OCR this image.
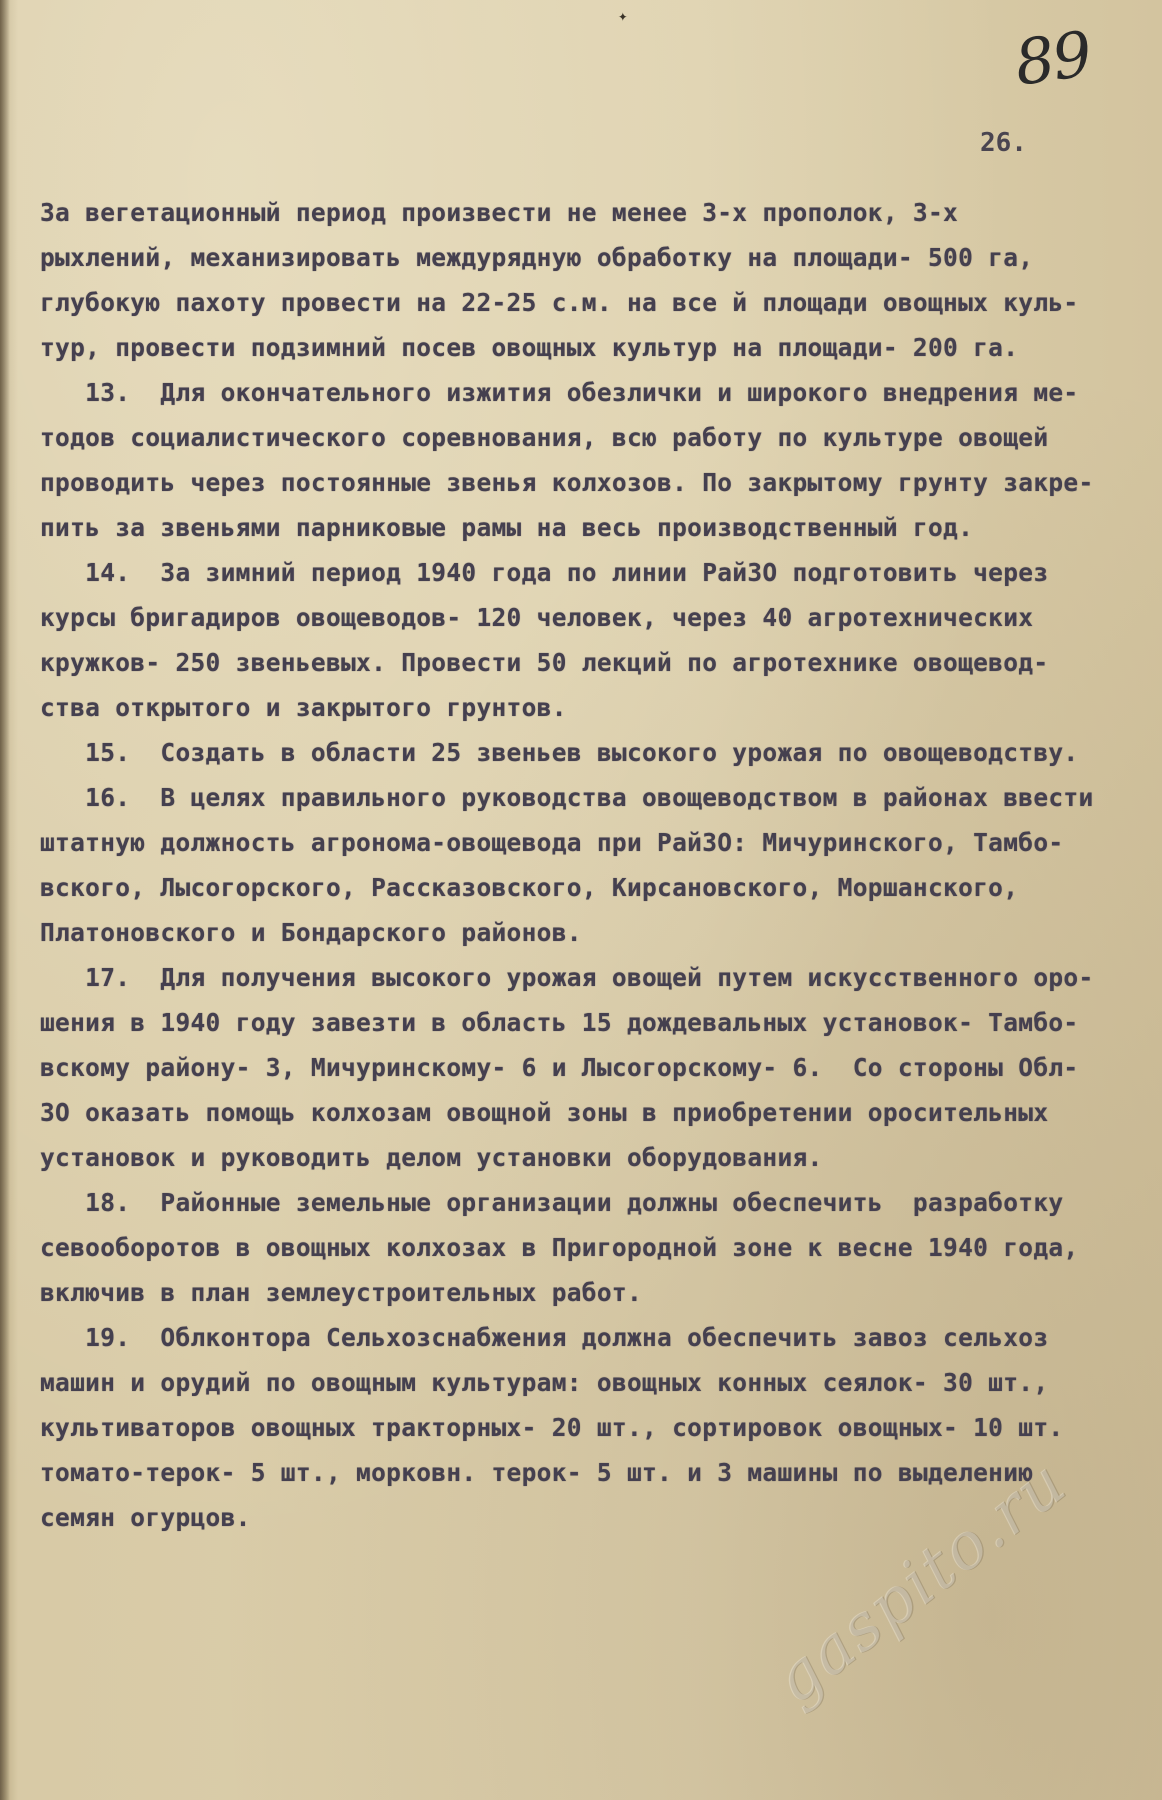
✦
89
26.
За вегетационный период произвести не менее 3-х прополок, 3-х
рыхлений, механизировать междурядную обработку на площади- 500 га,
глубокую пахоту провести на 22-25 с.м. на все й площади овощных куль-
тур, провести подзимний посев овощных культур на площади- 200 га.
13.  Для окончательного изжития обезлички и широкого внедрения ме-
тодов социалистического соревнования, всю работу по культуре овощей
проводить через постоянные звенья колхозов. По закрытому грунту закре-
пить за звеньями парниковые рамы на весь производственный год.
14.  За зимний период 1940 года по линии РайЗО подготовить через
курсы бригадиров овощеводов- 120 человек, через 40 агротехнических
кружков- 250 звеньевых. Провести 50 лекций по агротехнике овощевод-
ства открытого и закрытого грунтов.
15.  Создать в области 25 звеньев высокого урожая по овощеводству.
16.  В целях правильного руководства овощеводством в районах ввести
штатную должность агронома-овощевода при РайЗО: Мичуринского, Тамбо-
вского, Лысогорского, Рассказовского, Кирсановского, Моршанского,
Платоновского и Бондарского районов.
17.  Для получения высокого урожая овощей путем искусственного оро-
шения в 1940 году завезти в область 15 дождевальных установок- Тамбо-
вскому району- 3, Мичуринскому- 6 и Лысогорскому- 6.  Со стороны Обл-
ЗО оказать помощь колхозам овощной зоны в приобретении оросительных
установок и руководить делом установки оборудования.
18.  Районные земельные организации должны обеспечить  разработку
севооборотов в овощных колхозах в Пригородной зоне к весне 1940 года,
включив в план землеустроительных работ.
19.  Облконтора Сельхозснабжения должна обеспечить завоз сельхоз
машин и орудий по овощным культурам: овощных конных сеялок- 30 шт.,
культиваторов овощных тракторных- 20 шт., сортировок овощных- 10 шт.
томато-терок- 5 шт., морковн. терок- 5 шт. и 3 машины по выделению
семян огурцов.	gaspito.ru
